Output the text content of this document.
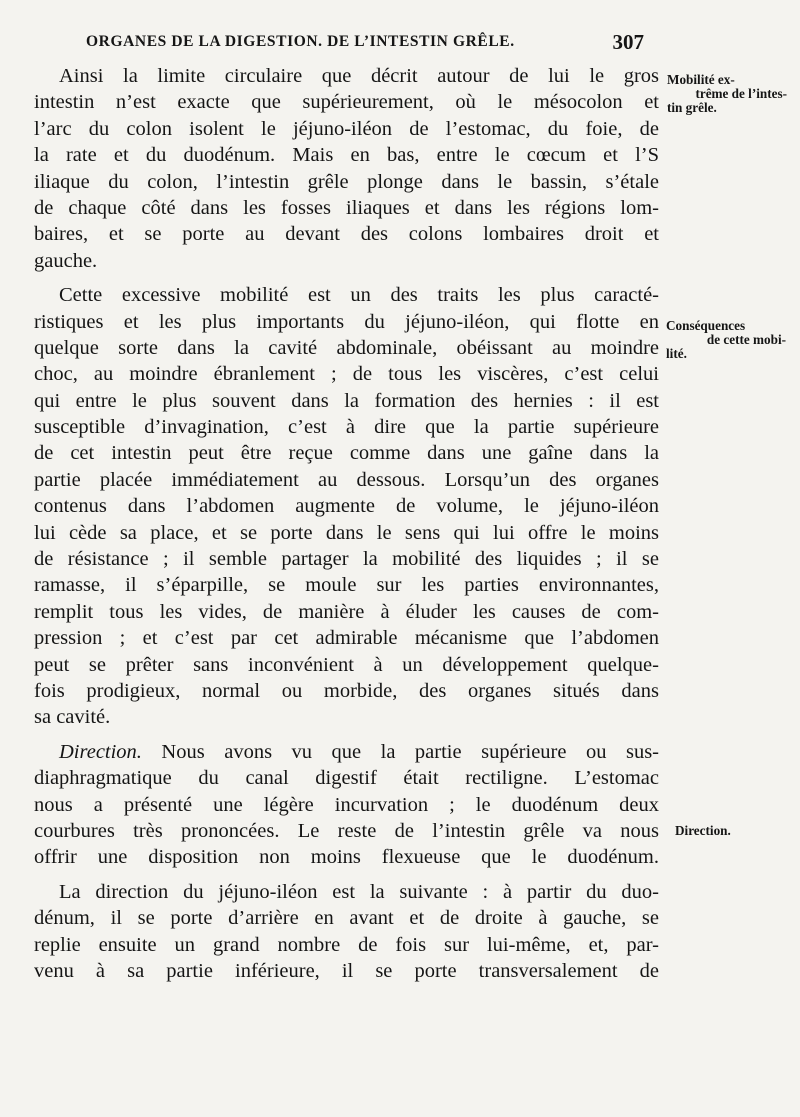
ORGANES DE LA DIGESTION. DE L’INTESTIN GRÊLE.	307
Ainsi la limite circulaire que décrit autour de lui le gros
intestin n’est exacte que supérieurement, où le mésocolon et
l’arc du colon isolent le jéjuno-iléon de l’estomac, du foie, de
la rate et du duodénum. Mais en bas, entre le cœcum et l’S
iliaque du colon, l’intestin grêle plonge dans le bassin, s’étale
de chaque côté dans les fosses iliaques et dans les régions lom-
baires, et se porte au devant des colons lombaires droit et
gauche.
Cette excessive mobilité est un des traits les plus caracté-
ristiques et les plus importants du jéjuno-iléon, qui flotte en
quelque sorte dans la cavité abdominale, obéissant au moindre
choc, au moindre ébranlement ; de tous les viscères, c’est celui
qui entre le plus souvent dans la formation des hernies : il est
susceptible d’invagination, c’est à dire que la partie supérieure
de cet intestin peut être reçue comme dans une gaîne dans la
partie placée immédiatement au dessous. Lorsqu’un des organes
contenus dans l’abdomen augmente de volume, le jéjuno-iléon
lui cède sa place, et se porte dans le sens qui lui offre le moins
de résistance ; il semble partager la mobilité des liquides ; il se
ramasse, il s’éparpille, se moule sur les parties environnantes,
remplit tous les vides, de manière à éluder les causes de com-
pression ; et c’est par cet admirable mécanisme que l’abdomen
peut se prêter sans inconvénient à un développement quelque-
fois prodigieux, normal ou morbide, des organes situés dans
sa cavité.
Direction. Nous avons vu que la partie supérieure ou sus-
diaphragmatique du canal digestif était rectiligne. L’estomac
nous a présenté une légère incurvation ; le duodénum deux
courbures très prononcées. Le reste de l’intestin grêle va nous
offrir une disposition non moins flexueuse que le duodénum.
La direction du jéjuno-iléon est la suivante : à partir du duo-
dénum, il se porte d’arrière en avant et de droite à gauche, se
replie ensuite un grand nombre de fois sur lui-même, et, par-
venu à sa partie inférieure, il se porte transversalement de
Mobilité ex-
trême de l’intes-
tin grêle.
Conséquences
de cette mobi-
lité.
Direction.
